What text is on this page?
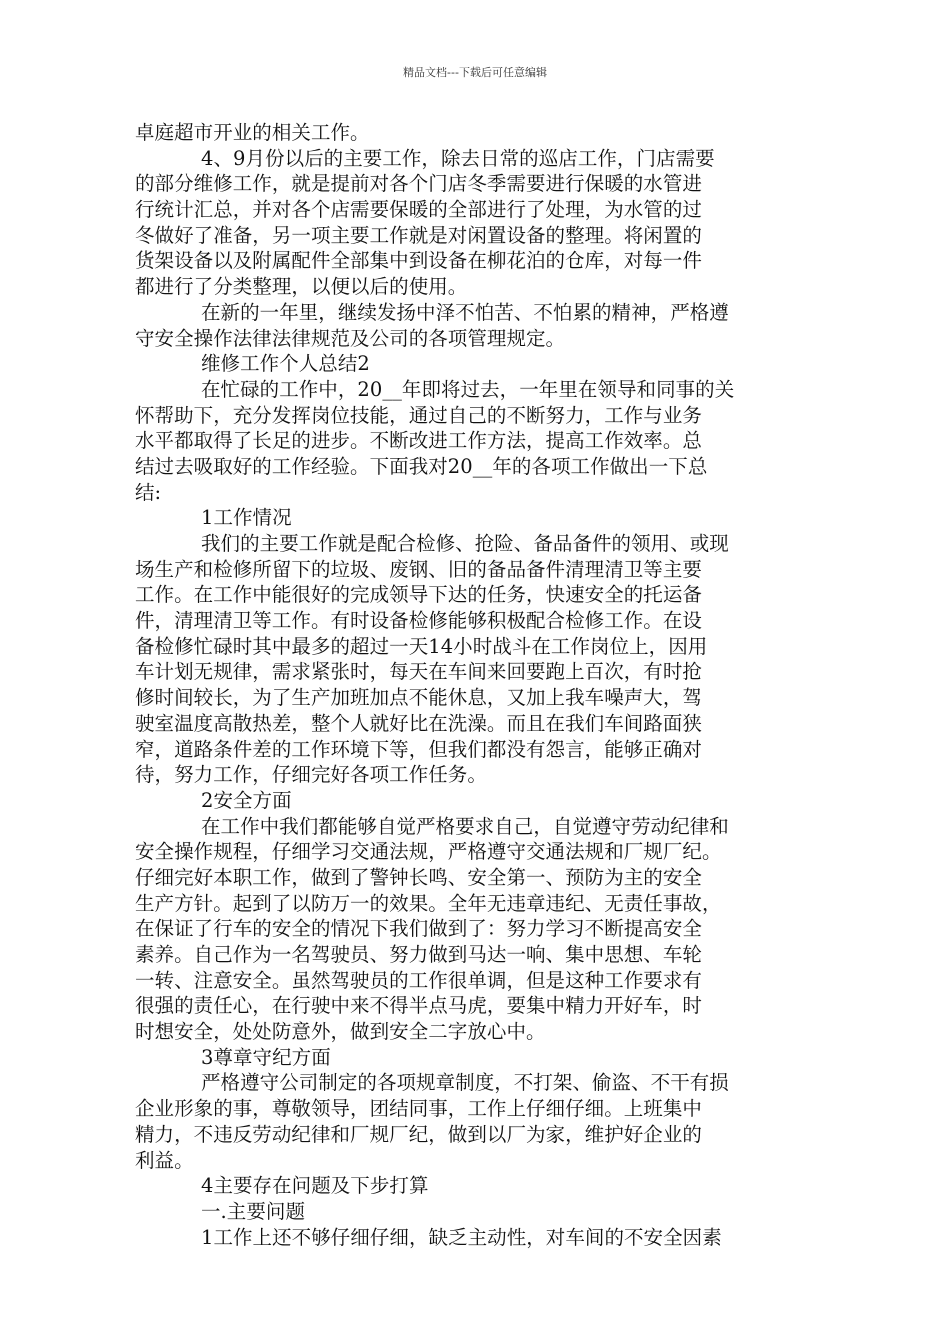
精品文档---下载后可任意编辑
卓庭超市开业的相关工作。
4、9月份以后的主要工作，除去日常的巡店工作，门店需要
的部分维修工作，就是提前对各个门店冬季需要进行保暖的水管进
行统计汇总，并对各个店需要保暖的全部进行了处理，为水管的过
冬做好了准备，另一项主要工作就是对闲置设备的整理。将闲置的
货架设备以及附属配件全部集中到设备在柳花泊的仓库，对每一件
都进行了分类整理，以便以后的使用。
在新的一年里，继续发扬中泽不怕苦、不怕累的精神，严格遵
守安全操作法律法律规范及公司的各项管理规定。
维修工作个人总结2
在忙碌的工作中，20__年即将过去，一年里在领导和同事的关
怀帮助下，充分发挥岗位技能，通过自己的不断努力，工作与业务
水平都取得了长足的进步。不断改进工作方法，提高工作效率。总
结过去吸取好的工作经验。下面我对20__年的各项工作做出一下总
结:
1工作情况
我们的主要工作就是配合检修、抢险、备品备件的领用、或现
场生产和检修所留下的垃圾、废钢、旧的备品备件清理清卫等主要
工作。在工作中能很好的完成领导下达的任务，快速安全的托运备
件，清理清卫等工作。有时设备检修能够积极配合检修工作。在设
备检修忙碌时其中最多的超过一天14小时战斗在工作岗位上，因用
车计划无规律，需求紧张时，每天在车间来回要跑上百次，有时抢
修时间较长，为了生产加班加点不能休息，又加上我车噪声大，驾
驶室温度高散热差，整个人就好比在洗澡。而且在我们车间路面狭
窄，道路条件差的工作环境下等，但我们都没有怨言，能够正确对
待，努力工作，仔细完好各项工作任务。
2安全方面
在工作中我们都能够自觉严格要求自己，自觉遵守劳动纪律和
安全操作规程，仔细学习交通法规，严格遵守交通法规和厂规厂纪。
仔细完好本职工作，做到了警钟长鸣、安全第一、预防为主的安全
生产方针。起到了以防万一的效果。全年无违章违纪、无责任事故，
在保证了行车的安全的情况下我们做到了：努力学习不断提高安全
素养。自己作为一名驾驶员、努力做到马达一响、集中思想、车轮
一转、注意安全。虽然驾驶员的工作很单调，但是这种工作要求有
很强的责任心，在行驶中来不得半点马虎，要集中精力开好车，时
时想安全，处处防意外，做到安全二字放心中。
3尊章守纪方面
严格遵守公司制定的各项规章制度，不打架、偷盗、不干有损
企业形象的事，尊敬领导，团结同事，工作上仔细仔细。上班集中
精力，不违反劳动纪律和厂规厂纪，做到以厂为家，维护好企业的
利益。
4主要存在问题及下步打算
一.主要问题
1工作上还不够仔细仔细，缺乏主动性，对车间的不安全因素
